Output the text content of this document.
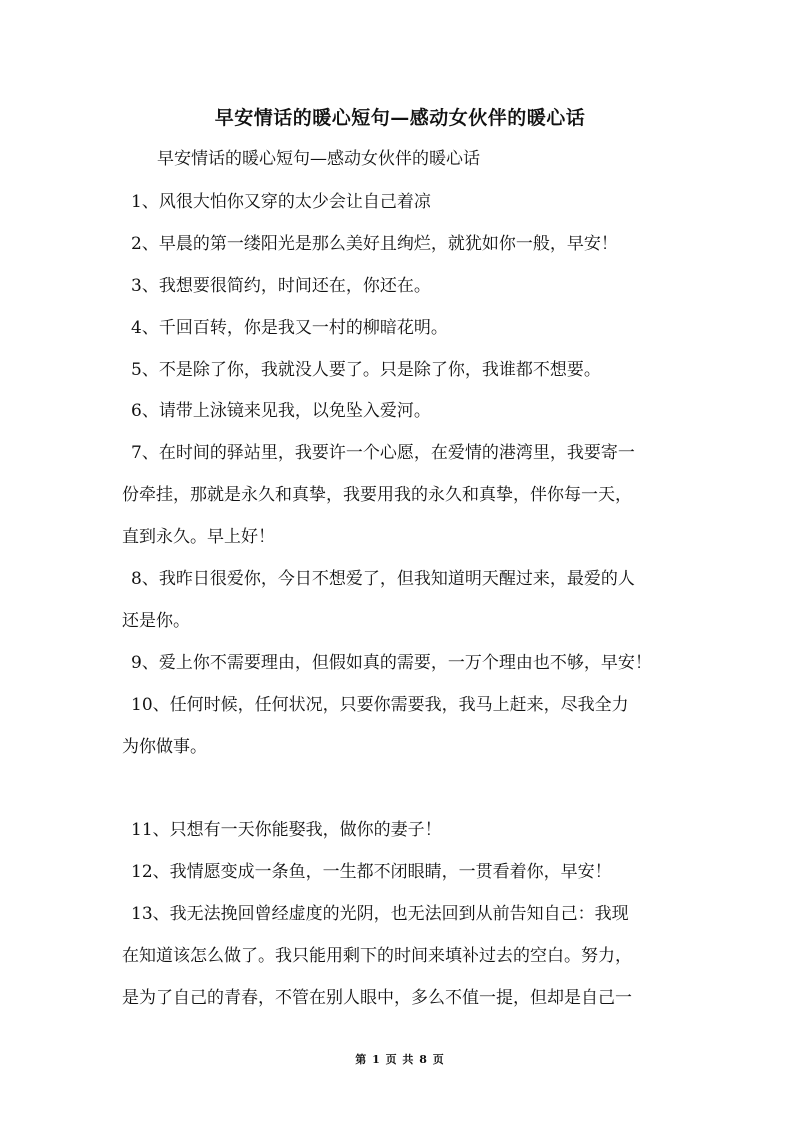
早安情话的暖心短句—感动女伙伴的暖心话
早安情话的暖心短句—感动女伙伴的暖心话
1、风很大怕你又穿的太少会让自己着凉
2、早晨的第一缕阳光是那么美好且绚烂，就犹如你一般，早安！
3、我想要很简约，时间还在，你还在。
4、千回百转，你是我又一村的柳暗花明。
5、不是除了你，我就没人要了。只是除了你，我谁都不想要。
6、请带上泳镜来见我，以免坠入爱河。
7、在时间的驿站里，我要许一个心愿，在爱情的港湾里，我要寄一
份牵挂，那就是永久和真挚，我要用我的永久和真挚，伴你每一天，
直到永久。早上好！
8、我昨日很爱你，今日不想爱了，但我知道明天醒过来，最爱的人
还是你。
9、爱上你不需要理由，但假如真的需要，一万个理由也不够，早安！
10、任何时候，任何状况，只要你需要我，我马上赶来，尽我全力
为你做事。
11、只想有一天你能娶我，做你的妻子！
12、我情愿变成一条鱼，一生都不闭眼睛，一贯看着你，早安！
13、我无法挽回曾经虚度的光阴，也无法回到从前告知自己：我现
在知道该怎么做了。我只能用剩下的时间来填补过去的空白。努力，
是为了自己的青春，不管在别人眼中，多么不值一提，但却是自己一
第 1 页 共 8 页
